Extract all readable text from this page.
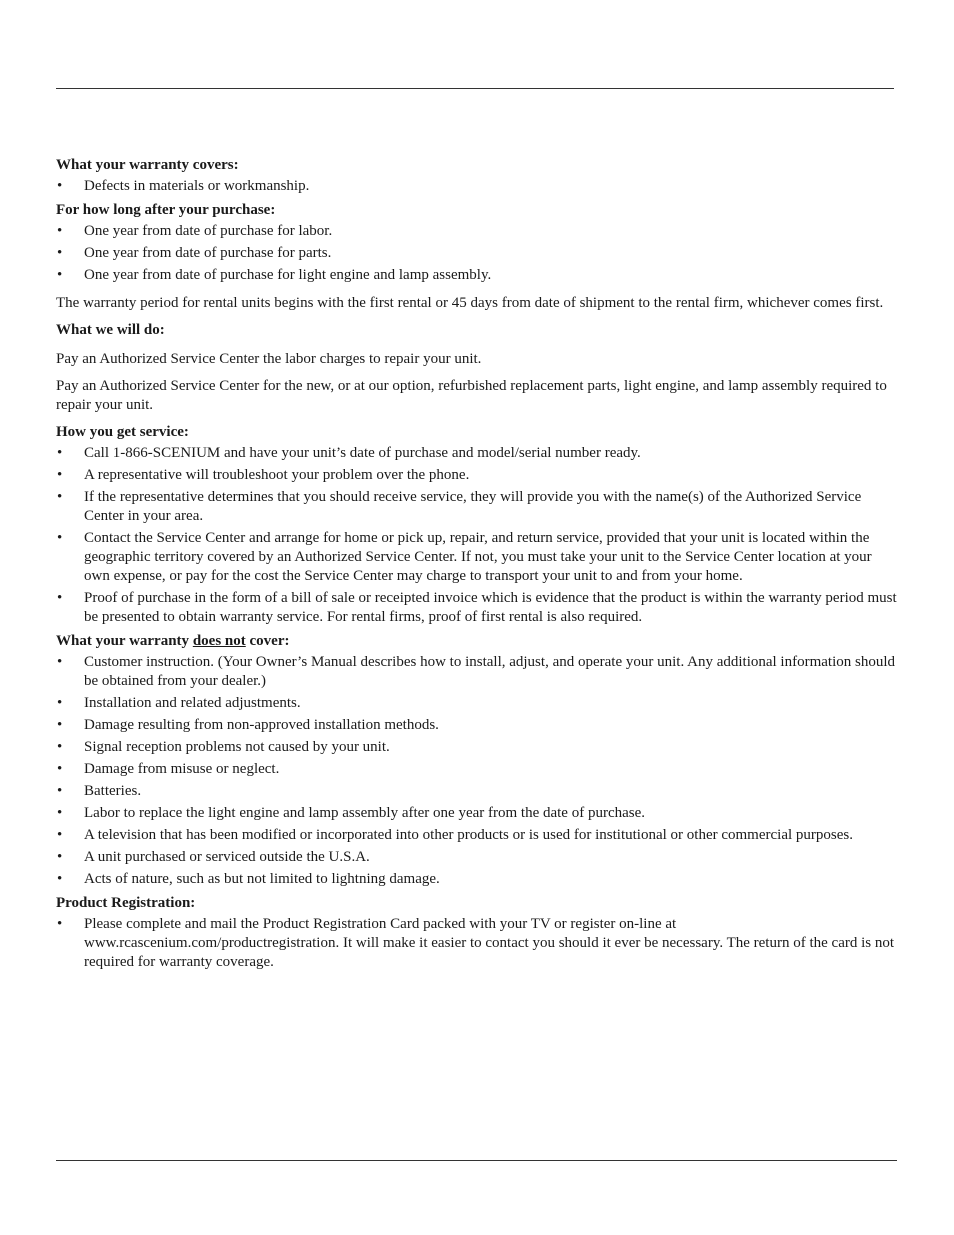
What your warranty covers:
• Defects in materials or workmanship.
For how long after your purchase:
• One year from date of purchase for labor.
• One year from date of purchase for parts.
• One year from date of purchase for light engine and lamp assembly.

The warranty period for rental units begins with the first rental or 45 days from date of shipment to the rental firm, whichever comes first.

What we will do:

Pay an Authorized Service Center the labor charges to repair your unit.

Pay an Authorized Service Center for the new, or at our option, refurbished replacement parts, light engine, and lamp assembly required to repair your unit.

How you get service:
• Call 1-866-SCENIUM and have your unit’s date of purchase and model/serial number ready.
• A representative will troubleshoot your problem over the phone.
• If the representative determines that you should receive service, they will provide you with the name(s) of the Authorized Service Center in your area.
• Contact the Service Center and arrange for home or pick up, repair, and return service, provided that your unit is located within the geographic territory covered by an Authorized Service Center. If not, you must take your unit to the Service Center location at your own expense, or pay for the cost the Service Center may charge to transport your unit to and from your home.
• Proof of purchase in the form of a bill of sale or receipted invoice which is evidence that the product is within the warranty period must be presented to obtain warranty service. For rental firms, proof of first rental is also required.
What your warranty does not cover:
• Customer instruction. (Your Owner’s Manual describes how to install, adjust, and operate your unit. Any additional information should be obtained from your dealer.)
• Installation and related adjustments.
• Damage resulting from non-approved installation methods.
• Signal reception problems not caused by your unit.
• Damage from misuse or neglect.
• Batteries.
• Labor to replace the light engine and lamp assembly after one year from the date of purchase.
• A television that has been modified or incorporated into other products or is used for institutional or other commercial purposes.
• A unit purchased or serviced outside the U.S.A.
• Acts of nature, such as but not limited to lightning damage.
Product Registration:
• Please complete and mail the Product Registration Card packed with your TV or register on-line at www.rcascenium.com/productregistration. It will make it easier to contact you should it ever be necessary. The return of the card is not required for warranty coverage.
